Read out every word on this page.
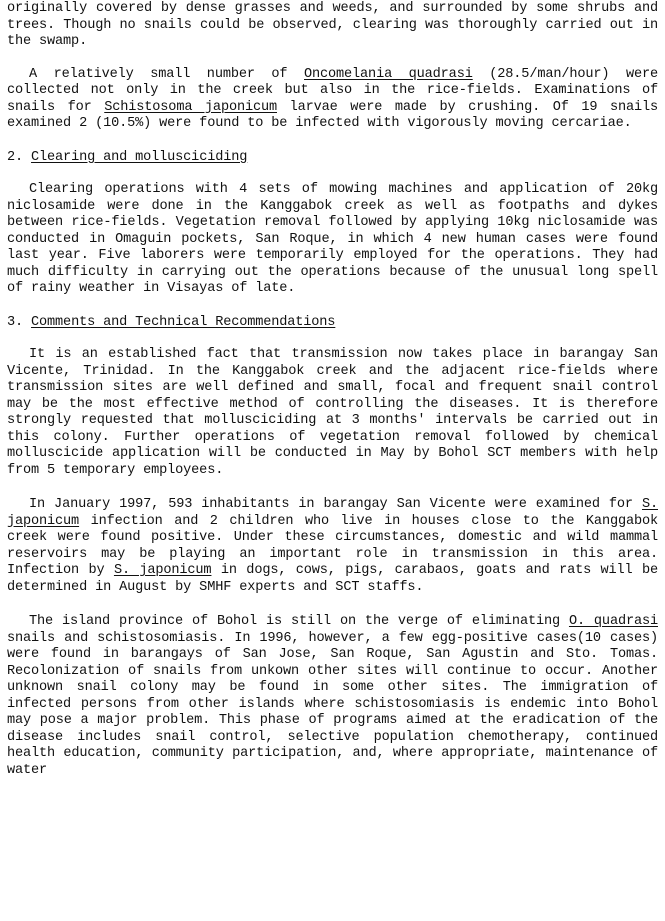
originally covered by dense grasses and weeds, and surrounded by some shrubs and trees. Though no snails could be observed, clearing was thoroughly carried out in the swamp.

A relatively small number of Oncomelania quadrasi (28.5/man/hour) were collected not only in the creek but also in the rice-fields. Examinations of snails for Schistosoma japonicum larvae were made by crushing. Of 19 snails examined 2 (10.5%) were found to be infected with vigorously moving cercariae.

2. Clearing and mollusciciding

Clearing operations with 4 sets of mowing machines and application of 20kg niclosamide were done in the Kanggabok creek as well as footpaths and dykes between rice-fields. Vegetation removal followed by applying 10kg niclosamide was conducted in Omaguin pockets, San Roque, in which 4 new human cases were found last year. Five laborers were temporarily employed for the operations. They had much difficulty in carrying out the operations because of the unusual long spell of rainy weather in Visayas of late.

3. Comments and Technical Recommendations

It is an established fact that transmission now takes place in barangay San Vicente, Trinidad. In the Kanggabok creek and the adjacent rice-fields where transmission sites are well defined and small, focal and frequent snail control may be the most effective method of controlling the diseases. It is therefore strongly requested that mollusciciding at 3 months' intervals be carried out in this colony. Further operations of vegetation removal followed by chemical molluscicide application will be conducted in May by Bohol SCT members with help from 5 temporary employees.

In January 1997, 593 inhabitants in barangay San Vicente were examined for S. japonicum infection and 2 children who live in houses close to the Kanggabok creek were found positive. Under these circumstances, domestic and wild mammal reservoirs may be playing an important role in transmission in this area. Infection by S. japonicum in dogs, cows, pigs, carabaos, goats and rats will be determined in August by SMHF experts and SCT staffs.

The island province of Bohol is still on the verge of eliminating O. quadrasi snails and schistosomiasis. In 1996, however, a few egg-positive cases(10 cases) were found in barangays of San Jose, San Roque, San Agustin and Sto. Tomas. Recolonization of snails from unkown other sites will continue to occur. Another unknown snail colony may be found in some other sites. The immigration of infected persons from other islands where schistosomiasis is endemic into Bohol may pose a major problem. This phase of programs aimed at the eradication of the disease includes snail control, selective population chemotherapy, continued health education, community participation, and, where appropriate, maintenance of water
